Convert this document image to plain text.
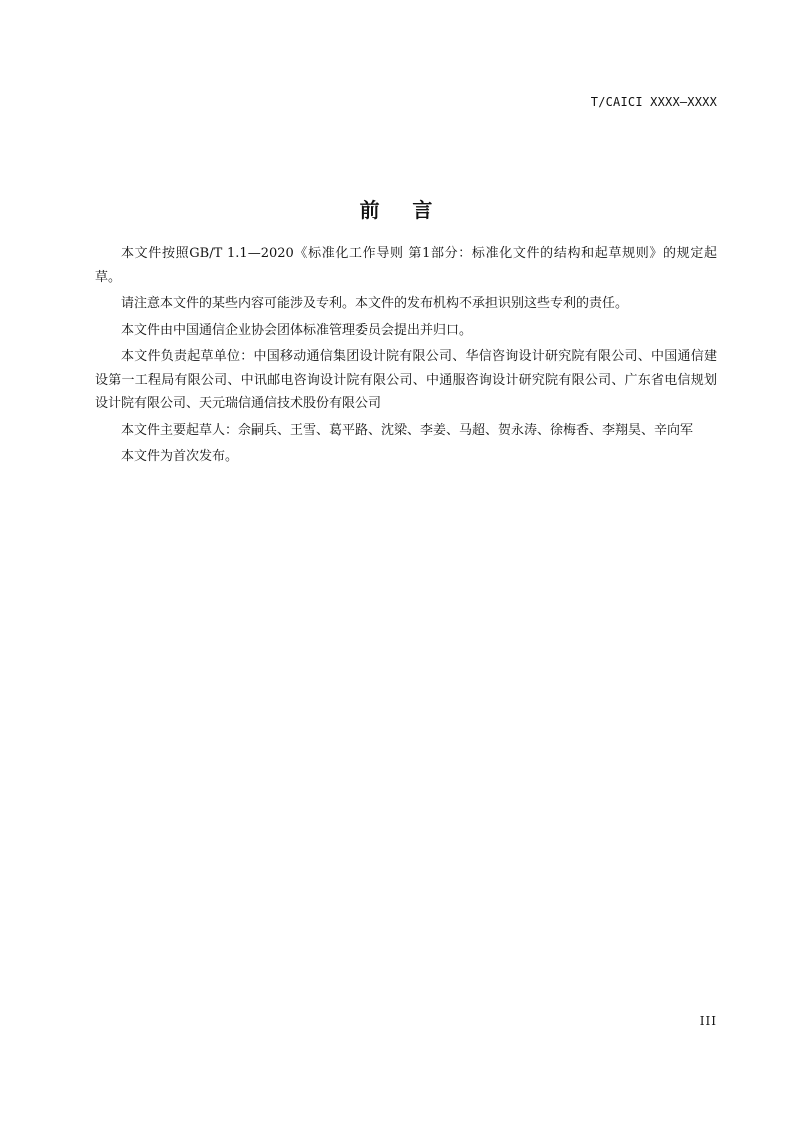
T/CAICI XXXX—XXXX
前    言

本文件按照GB/T 1.1—2020《标准化工作导则 第1部分：标准化文件的结构和起草规则》的规定起草。

请注意本文件的某些内容可能涉及专利。本文件的发布机构不承担识别这些专利的责任。

本文件由中国通信企业协会团体标准管理委员会提出并归口。

本文件负责起草单位：中国移动通信集团设计院有限公司、华信咨询设计研究院有限公司、中国通信建设第一工程局有限公司、中讯邮电咨询设计院有限公司、中通服咨询设计研究院有限公司、广东省电信规划设计院有限公司、天元瑞信通信技术股份有限公司

本文件主要起草人：佘嗣兵、王雪、葛平路、沈梁、李姜、马超、贺永涛、徐梅香、李翔昊、辛向军

本文件为首次发布。

III
